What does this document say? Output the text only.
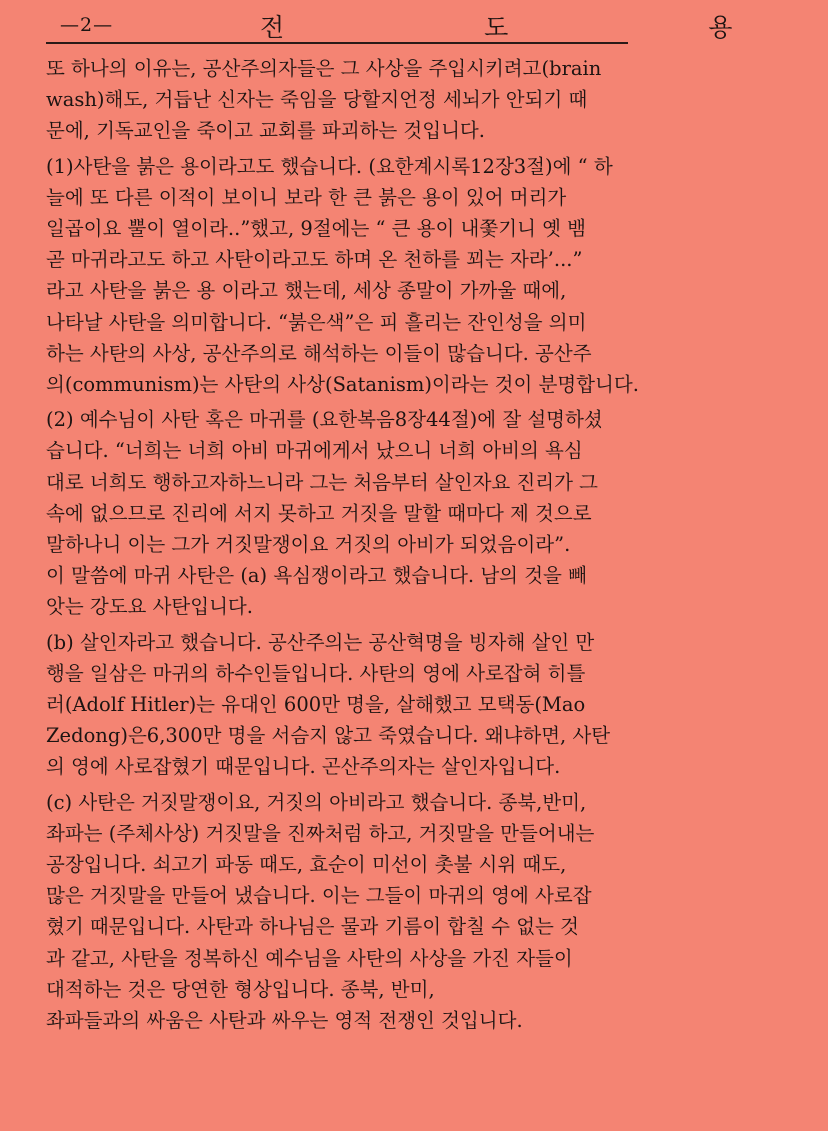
—2—	전 도 용

또 하나의 이유는, 공산주의자들은 그 사상을 주입시키려고(brain
wash)해도, 거듭난 신자는 죽임을 당할지언정 세뇌가 안되기 때
문에, 기독교인을 죽이고 교회를 파괴하는 것입니다.

(1)사탄을 붉은 용이라고도 했습니다. (요한계시록12장3절)에 “ 하
늘에 또 다른 이적이 보이니 보라 한 큰 붉은 용이 있어 머리가
일곱이요 뿔이 열이라..”했고, 9절에는 “ 큰 용이 내쫓기니 옛 뱀
곧 마귀라고도 하고 사탄이라고도 하며 온 천하를 꾀는 자라’...”
라고 사탄을 붉은 용 이라고 했는데, 세상 종말이 가까울 때에,
나타날 사탄을 의미합니다. “붉은색”은 피 흘리는 잔인성을 의미
하는 사탄의 사상, 공산주의로 해석하는 이들이 많습니다. 공산주
의(communism)는 사탄의 사상(Satanism)이라는 것이 분명합니다.

(2) 예수님이 사탄 혹은 마귀를 (요한복음8장44절)에 잘 설명하셨
습니다. “너희는 너희 아비 마귀에게서 났으니 너희 아비의 욕심
대로 너희도 행하고자하느니라 그는 처음부터 살인자요 진리가 그
속에 없으므로 진리에 서지 못하고 거짓을 말할 때마다 제 것으로
말하나니 이는 그가 거짓말쟁이요 거짓의 아비가 되었음이라”.
이 말씀에 마귀 사탄은 (a) 욕심쟁이라고 했습니다. 남의 것을 빼
앗는 강도요 사탄입니다.

(b) 살인자라고 했습니다. 공산주의는 공산혁명을 빙자해 살인 만
행을 일삼은 마귀의 하수인들입니다. 사탄의 영에 사로잡혀 히틀
러(Adolf Hitler)는 유대인 600만 명을, 살해했고 모택동(Mao
Zedong)은6,300만 명을 서슴지 않고 죽였습니다. 왜냐하면, 사탄
의 영에 사로잡혔기 때문입니다. 곤산주의자는 살인자입니다.

(c) 사탄은 거짓말쟁이요, 거짓의 아비라고 했습니다. 종북,반미,
좌파는 (주체사상) 거짓말을 진짜처럼 하고, 거짓말을 만들어내는
공장입니다. 쇠고기 파동 때도, 효순이 미선이 촛불 시위 때도,
많은 거짓말을 만들어 냈습니다. 이는 그들이 마귀의 영에 사로잡
혔기 때문입니다. 사탄과 하나님은 물과 기름이 합칠 수 없는 것
과 같고, 사탄을 정복하신 예수님을 사탄의 사상을 가진 자들이
대적하는 것은 당연한 형상입니다. 종북, 반미,
좌파들과의 싸움은 사탄과 싸우는 영적 전쟁인 것입니다.
